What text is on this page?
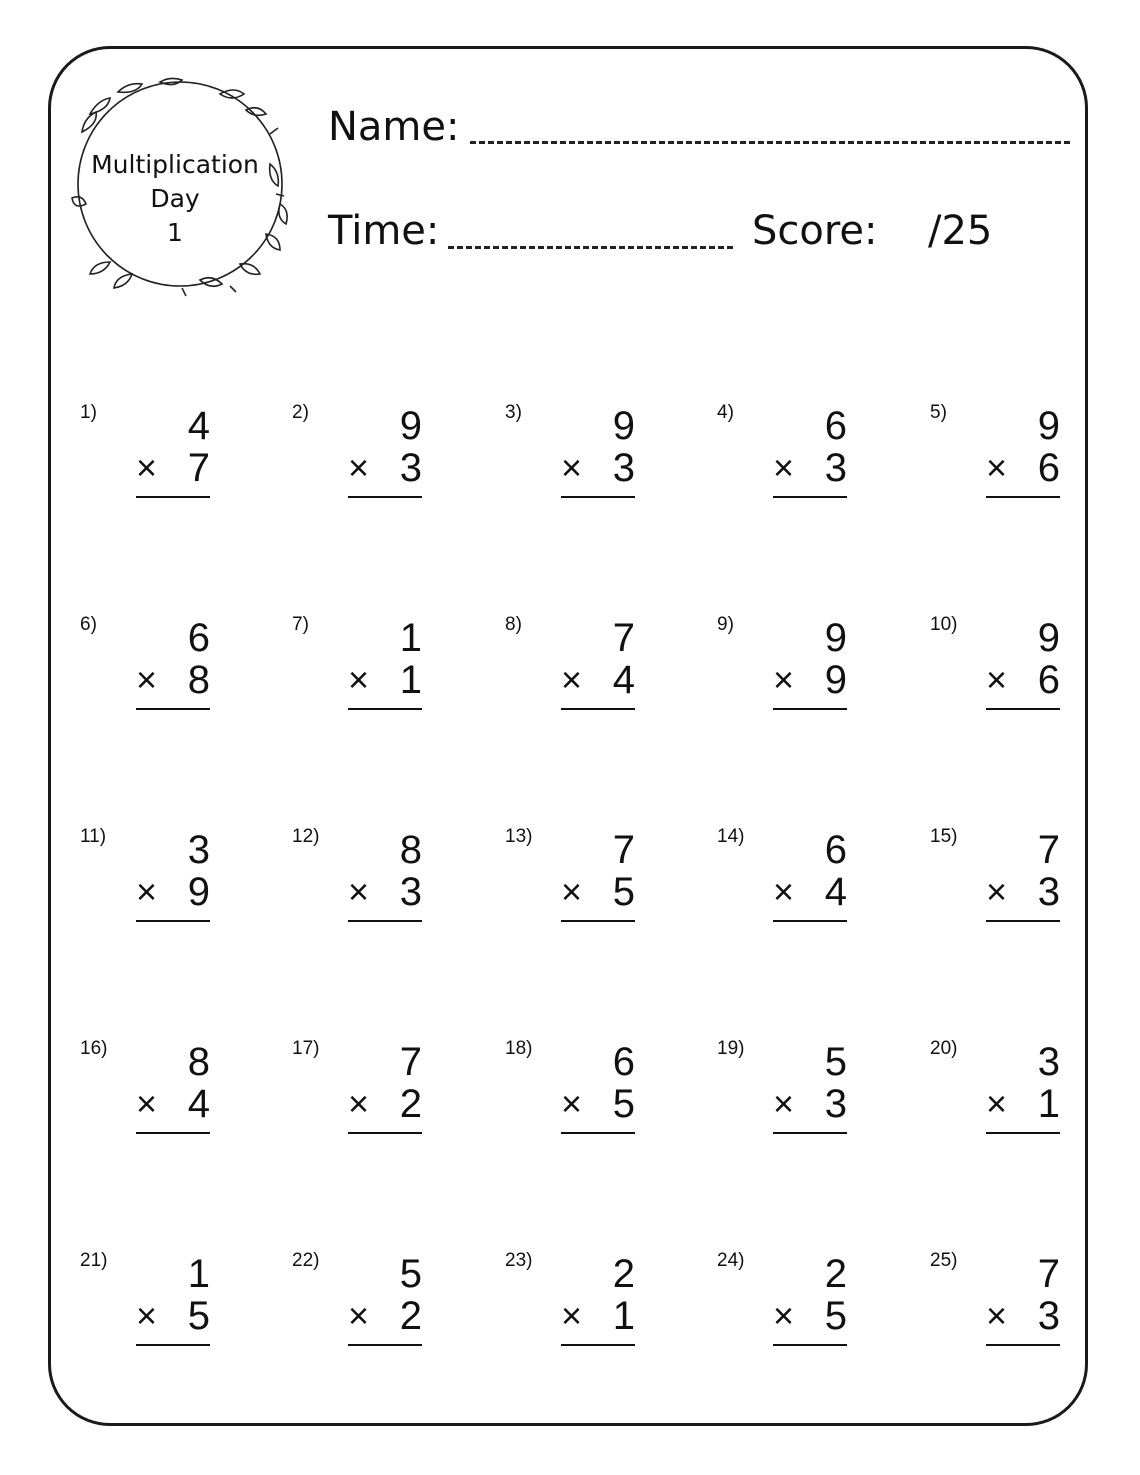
Multiplication
Day
1
Name:
Time:	Score: /25
1) 4
× 7
2) 9
× 3
3) 9
× 3
4) 6
× 3
5) 9
× 6
6) 6
× 8
7) 1
× 1
8) 7
× 4
9) 9
× 9
10) 9
× 6
11) 3
× 9
12) 8
× 3
13) 7
× 5
14) 6
× 4
15) 7
× 3
16) 8
× 4
17) 7
× 2
18) 6
× 5
19) 5
× 3
20) 3
× 1
21) 1
× 5
22) 5
× 2
23) 2
× 1
24) 2
× 5
25) 7
× 3
